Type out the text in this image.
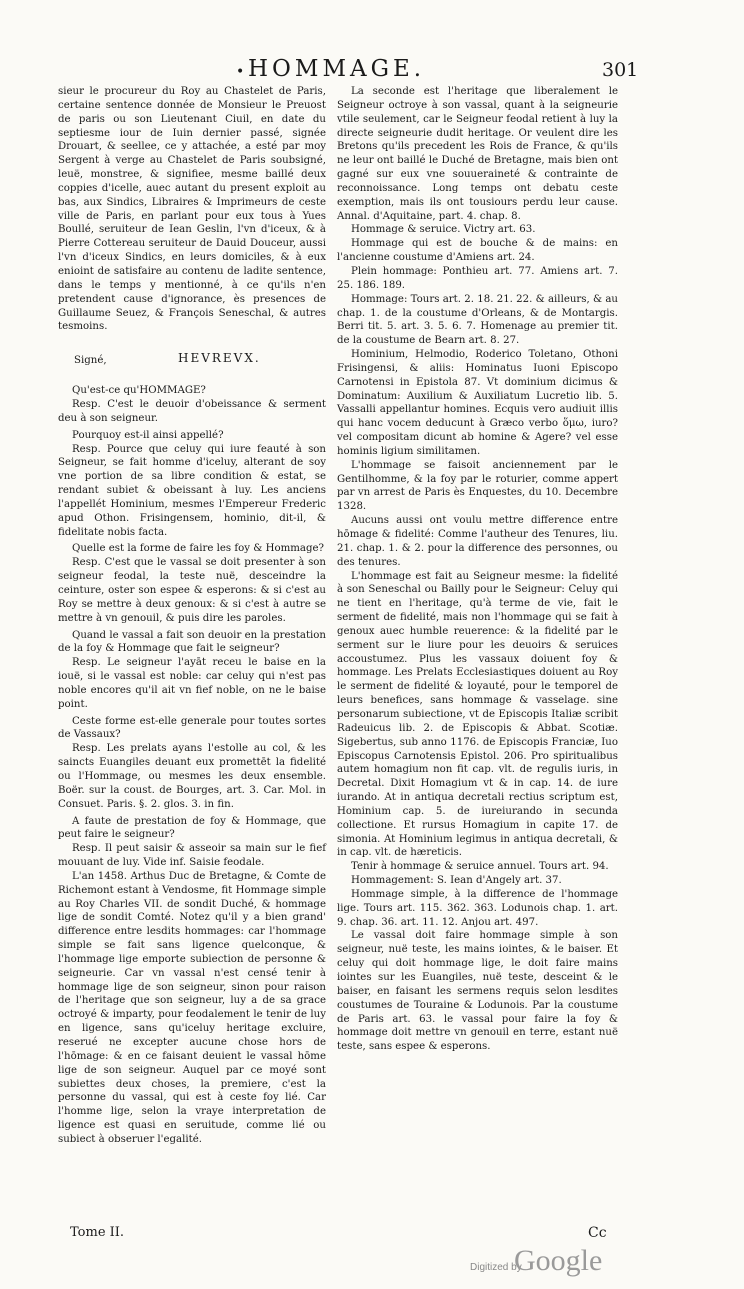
• HOMMAGE.	301

sieur le procureur du Roy au Chastelet de Paris, certaine sentence donnée de Monsieur le Preuost de paris ou son Lieutenant Ciuil, en date du septiesme iour de Iuin dernier passé, signée Drouart, & seellee, ce y attachée, a esté par moy Sergent à verge au Chastelet de Paris soubsigné, leuë, monstree, & signifiee, mesme baillé deux coppies d'icelle, auec autant du present exploit au bas, aux Sindics, Libraires & Imprimeurs de ceste ville de Paris, en parlant pour eux tous à Yues Boullé, seruiteur de Iean Geslin, l'vn d'iceux, & à Pierre Cottereau seruiteur de Dauid Douceur, aussi l'vn d'iceux Sindics, en leurs domiciles, & à eux enioint de satisfaire au contenu de ladite sentence, dans le temps y mentionné, à ce qu'ils n'en pretendent cause d'ignorance, ès presences de Guillaume Seuez, & François Seneschal, & autres tesmoins.

Signé,	HEVREVX.

Qu'est-ce qu'HOMMAGE?

Resp. C'est le deuoir d'obeissance & serment deu à son seigneur.

Pourquoy est-il ainsi appellé?

Resp. Pource que celuy qui iure feauté à son Seigneur, se fait homme d'iceluy, alterant de soy vne portion de sa libre condition & estat, se rendant subiet & obeissant à luy. Les anciens l'appellét Hominium, mesmes l'Empereur Frederic apud Othon. Frisingensem, hominio, dit-il, & fidelitate nobis facta.

Quelle est la forme de faire les foy & Hommage?

Resp. C'est que le vassal se doit presenter à son seigneur feodal, la teste nuë, desceindre la ceinture, oster son espee & esperons: & si c'est au Roy se mettre à deux genoux: & si c'est à autre se mettre à vn genouil, & puis dire les paroles.

Quand le vassal a fait son deuoir en la prestation de la foy & Hommage que fait le seigneur?

Resp. Le seigneur l'ayāt receu le baise en la iouë, si le vassal est noble: car celuy qui n'est pas noble encores qu'il ait vn fief noble, on ne le baise point.

Ceste forme est-elle generale pour toutes sortes de Vassaux?

Resp. Les prelats ayans l'estolle au col, & les saincts Euangiles deuant eux promettēt la fidelité ou l'Hommage, ou mesmes les deux ensemble. Boër. sur la coust. de Bourges, art. 3. Car. Mol. in Consuet. Paris. §. 2. glos. 3. in fin.

A faute de prestation de foy & Hommage, que peut faire le seigneur?

Resp. Il peut saisir & asseoir sa main sur le fief mouuant de luy. Vide inf. Saisie feodale.

L'an 1458. Arthus Duc de Bretagne, & Comte de Richemont estant à Vendosme, fit Hommage simple au Roy Charles VII. de sondit Duché, & hommage lige de sondit Comté. Notez qu'il y a bien grand' difference entre lesdits hommages: car l'hommage simple se fait sans ligence quelconque, & l'hommage lige emporte subiection de personne & seigneurie. Car vn vassal n'est censé tenir à hommage lige de son seigneur, sinon pour raison de l'heritage que son seigneur, luy a de sa grace octroyé & imparty, pour feodalement le tenir de luy en ligence, sans qu'iceluy heritage excluire, reserué ne excepter aucune chose hors de l'hōmage: & en ce faisant deuient le vassal hōme lige de son seigneur. Auquel par ce moyé sont subiettes deux choses, la premiere, c'est la personne du vassal, qui est à ceste foy lié. Car l'homme lige, selon la vraye interpretation de ligence est quasi en seruitude, comme lié ou subiect à obseruer l'egalité.

La seconde est l'heritage que liberalement le Seigneur octroye à son vassal, quant à la seigneurie vtile seulement, car le Seigneur feodal retient à luy la directe seigneurie dudit heritage. Or veulent dire les Bretons qu'ils precedent les Rois de France, & qu'ils ne leur ont baillé le Duché de Bretagne, mais bien ont gagné sur eux vne souueraineté & contrainte de reconnoissance. Long temps ont debatu ceste exemption, mais ils ont tousiours perdu leur cause. Annal. d'Aquitaine, part. 4. chap. 8.

Hommage & seruice. Victry art. 63.

Hommage qui est de bouche & de mains: en l'ancienne coustume d'Amiens art. 24.

Plein hommage: Ponthieu art. 77. Amiens art. 7. 25. 186. 189.

Hommage: Tours art. 2. 18. 21. 22. & ailleurs, & au chap. 1. de la coustume d'Orleans, & de Montargis. Berri tit. 5. art. 3. 5. 6. 7. Homenage au premier tit. de la coustume de Bearn art. 8. 27.

Hominium, Helmodio, Roderico Toletano, Othoni Frisingensi, & aliis: Hominatus Iuoni Episcopo Carnotensi in Epistola 87. Vt dominium dicimus & Dominatum: Auxilium & Auxiliatum Lucretio lib. 5. Vassalli appellantur homines. Ecquis vero audiuit illis qui hanc vocem deducunt à Græco verbo ὅμω, iuro? vel compositam dicunt ab homine & Agere? vel esse hominis ligium similitamen.

L'hommage se faisoit anciennement par le Gentilhomme, & la foy par le roturier, comme appert par vn arrest de Paris ès Enquestes, du 10. Decembre 1328.

Aucuns aussi ont voulu mettre difference entre hōmage & fidelité: Comme l'autheur des Tenures, liu. 21. chap. 1. & 2. pour la difference des personnes, ou des tenures.

L'hommage est fait au Seigneur mesme: la fidelité à son Seneschal ou Bailly pour le Seigneur: Celuy qui ne tient en l'heritage, qu'à terme de vie, fait le serment de fidelité, mais non l'hommage qui se fait à genoux auec humble reuerence: & la fidelité par le serment sur le liure pour les deuoirs & seruices accoustumez. Plus les vassaux doiuent foy & hommage. Les Prelats Ecclesiastiques doiuent au Roy le serment de fidelité & loyauté, pour le temporel de leurs benefices, sans hommage & vasselage. sine personarum subiectione, vt de Episcopis Italiæ scribit Radeuicus lib. 2. de Episcopis & Abbat. Scotiæ. Sigebertus, sub anno 1176. de Episcopis Franciæ, Iuo Episcopus Carnotensis Epistol. 206. Pro spiritualibus autem homagium non fit cap. vlt. de regulis iuris, in Decretal. Dixit Homagium vt & in cap. 14. de iure iurando. At in antiqua decretali rectius scriptum est, Hominium cap. 5. de iureiurando in secunda collectione. Et rursus Homagium in capite 17. de simonia. At Hominium legimus in antiqua decretali, & in cap. vlt. de hæreticis.

Tenir à hommage & seruice annuel. Tours art. 94.

Hommagement: S. Iean d'Angely art. 37.

Hommage simple, à la difference de l'hommage lige. Tours art. 115. 362. 363. Lodunois chap. 1. art. 9. chap. 36. art. 11. 12. Anjou art. 497.

Le vassal doit faire hommage simple à son seigneur, nuë teste, les mains iointes, & le baiser. Et celuy qui doit hommage lige, le doit faire mains iointes sur les Euangiles, nuë teste, desceint & le baiser, en faisant les sermens requis selon lesdites coustumes de Touraine & Lodunois. Par la coustume de Paris art. 63. le vassal pour faire la foy & hommage doit mettre vn genouil en terre, estant nuë teste, sans espee & esperons.

Tome II.	Cc
Digitized by
Google
